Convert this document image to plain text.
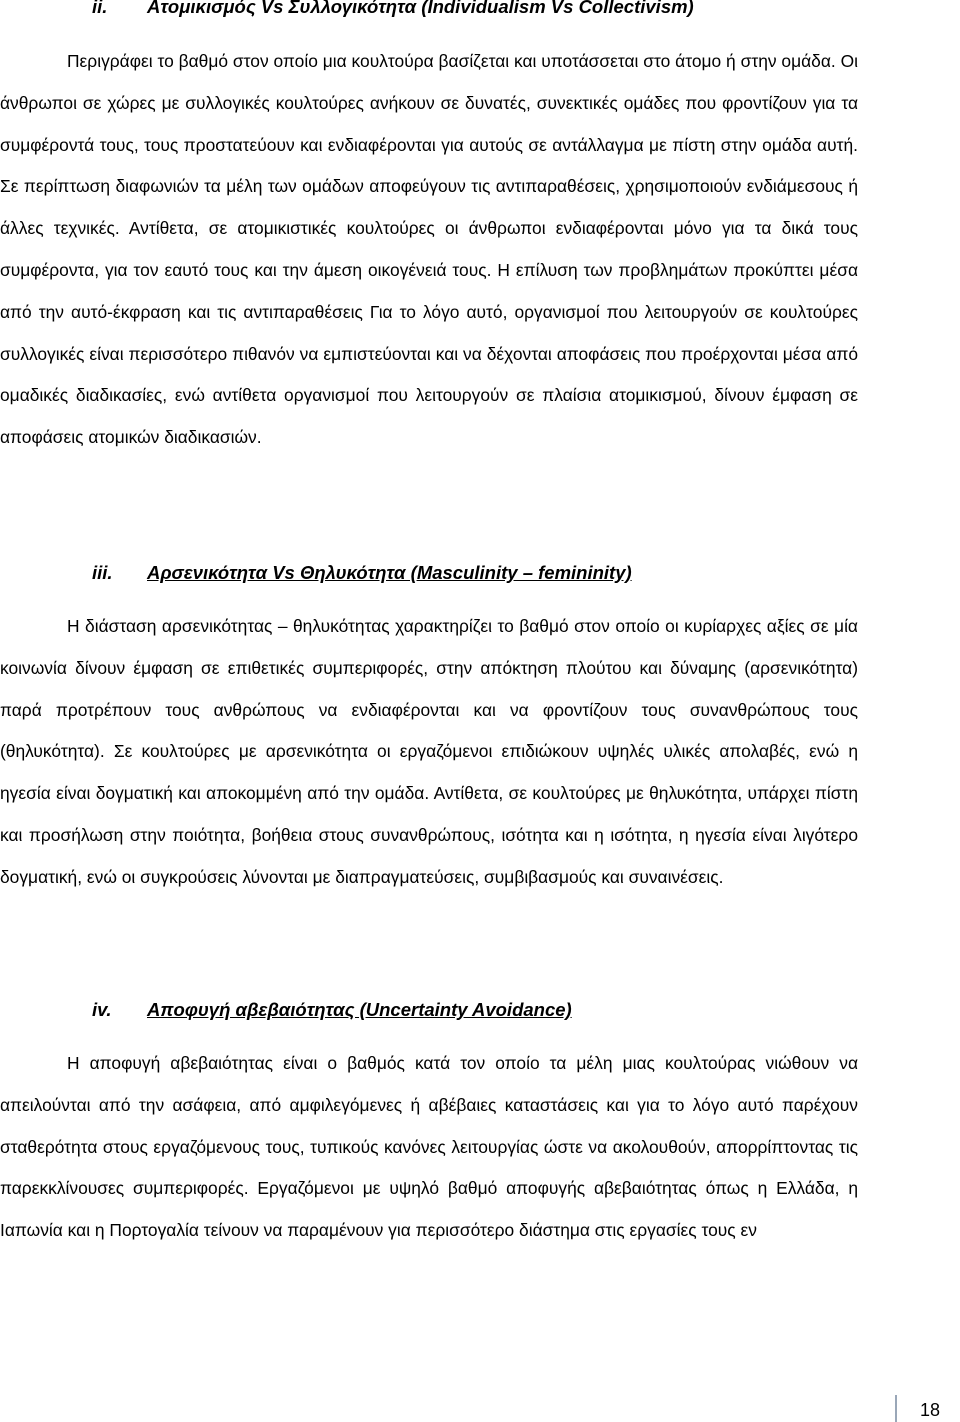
ii. Ατομικισμός Vs Συλλογικότητα (Individualism Vs Collectivism)

Περιγράφει το βαθμό στον οποίο μια κουλτούρα βασίζεται και υποτάσσεται στο άτομο ή στην ομάδα. Οι άνθρωποι σε χώρες με συλλογικές κουλτούρες ανήκουν σε δυνατές, συνεκτικές ομάδες που φροντίζουν για τα συμφέροντά τους, τους προστατεύουν και ενδιαφέρονται για αυτούς σε αντάλλαγμα με πίστη στην ομάδα αυτή. Σε περίπτωση διαφωνιών τα μέλη των ομάδων αποφεύγουν τις αντιπαραθέσεις, χρησιμοποιούν ενδιάμεσους ή άλλες τεχνικές. Αντίθετα, σε ατομικιστικές κουλτούρες οι άνθρωποι ενδιαφέρονται μόνο για τα δικά τους συμφέροντα, για τον εαυτό τους και την άμεση οικογένειά τους. Η επίλυση των προβλημάτων προκύπτει μέσα από την αυτό-έκφραση και τις αντιπαραθέσεις Για το λόγο αυτό, οργανισμοί που λειτουργούν σε κουλτούρες συλλογικές είναι περισσότερο πιθανόν να εμπιστεύονται και να δέχονται αποφάσεις που προέρχονται μέσα από ομαδικές διαδικασίες, ενώ αντίθετα οργανισμοί που λειτουργούν σε πλαίσια ατομικισμού, δίνουν έμφαση σε αποφάσεις ατομικών διαδικασιών.

iii. Αρσενικότητα Vs Θηλυκότητα (Masculinity – femininity)

Η διάσταση αρσενικότητας – θηλυκότητας χαρακτηρίζει το βαθμό στον οποίο οι κυρίαρχες αξίες σε μία κοινωνία δίνουν έμφαση σε επιθετικές συμπεριφορές, στην απόκτηση πλούτου και δύναμης (αρσενικότητα) παρά προτρέπουν τους ανθρώπους να ενδιαφέρονται και να φροντίζουν τους συνανθρώπους τους (θηλυκότητα). Σε κουλτούρες με αρσενικότητα οι εργαζόμενοι επιδιώκουν υψηλές υλικές απολαβές, ενώ η ηγεσία είναι δογματική και αποκομμένη από την ομάδα. Αντίθετα, σε κουλτούρες με θηλυκότητα, υπάρχει πίστη και προσήλωση στην ποιότητα, βοήθεια στους συνανθρώπους, ισότητα και η ισότητα, η ηγεσία είναι λιγότερο δογματική, ενώ οι συγκρούσεις λύνονται με διαπραγματεύσεις, συμβιβασμούς και συναινέσεις.

iv. Αποφυγή αβεβαιότητας (Uncertainty Avoidance)

Η αποφυγή αβεβαιότητας είναι ο βαθμός κατά τον οποίο τα μέλη μιας κουλτούρας νιώθουν να απειλούνται από την ασάφεια, από αμφιλεγόμενες ή αβέβαιες καταστάσεις και για το λόγο αυτό παρέχουν σταθερότητα στους εργαζόμενους τους, τυπικούς κανόνες λειτουργίας ώστε να ακολουθούν, απορρίπτοντας τις παρεκκλίνουσες συμπεριφορές. Εργαζόμενοι με υψηλό βαθμό αποφυγής αβεβαιότητας όπως η Ελλάδα, η Ιαπωνία και η Πορτογαλία τείνουν να παραμένουν για περισσότερο διάστημα στις εργασίες τους εν

18
